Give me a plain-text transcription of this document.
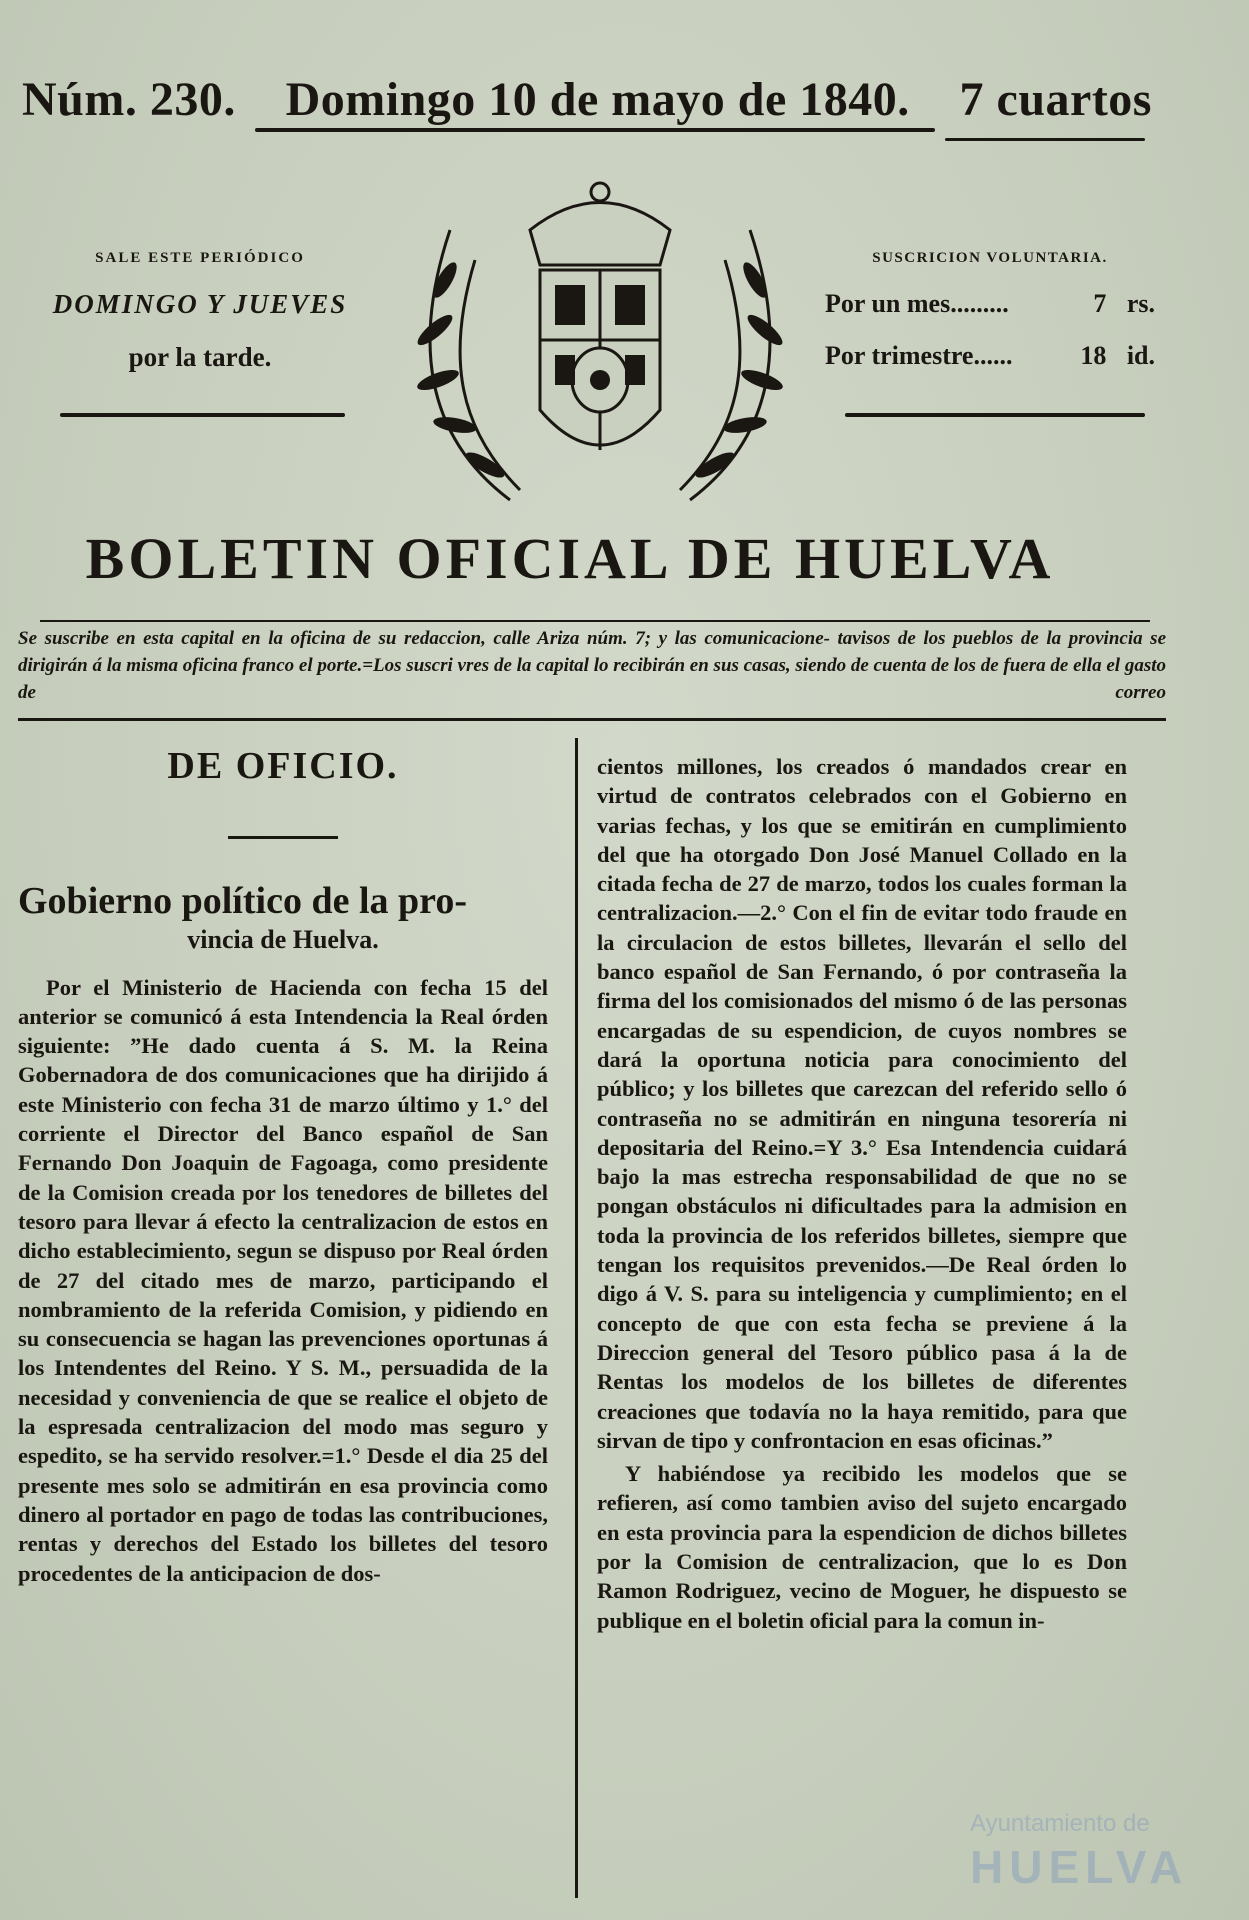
Núm. 230. Domingo 10 de mayo de 1840. 7 cuartos
SALE ESTE PERIÓDICO
DOMINGO Y JUEVES
por la tarde.
SUSCRICION VOLUNTARIA.
Por un mes.........	7 rs.
Por trimestre......	18 id.
BOLETIN OFICIAL DE HUELVA
Se suscribe en esta capital en la oficina de su redaccion, calle Ariza núm. 7; y las comunicacione- tavisos de los pueblos de la provincia se dirigirán á la misma oficina franco el porte.=Los suscri vres de la capital lo recibirán en sus casas, siendo de cuenta de los de fuera de ella el gasto de correo

DE OFICIO.

Gobierno político de la pro-

vincia de Huelva.

Por el Ministerio de Hacienda con fecha 15 del anterior se comunicó á esta Intendencia la Real órden siguiente: ”He dado cuenta á S. M. la Reina Gobernadora de dos comunicaciones que ha dirijido á este Ministerio con fecha 31 de marzo último y 1.° del corriente el Director del Banco español de San Fernando Don Joaquin de Fagoaga, como presidente de la Comision creada por los tenedores de billetes del tesoro para llevar á efecto la centralizacion de estos en dicho establecimiento, segun se dispuso por Real órden de 27 del citado mes de marzo, participando el nombramiento de la referida Comision, y pidiendo en su consecuencia se hagan las prevenciones oportunas á los Intendentes del Reino. Y S. M., persuadida de la necesidad y conveniencia de que se realice el objeto de la espresada centralizacion del modo mas seguro y espedito, se ha servido resolver.=1.° Desde el dia 25 del presente mes solo se admitirán en esa provincia como dinero al portador en pago de todas las contribuciones, rentas y derechos del Estado los billetes del tesoro procedentes de la anticipacion de dos-

cientos millones, los creados ó mandados crear en virtud de contratos celebrados con el Gobierno en varias fechas, y los que se emitirán en cumplimiento del que ha otorgado Don José Manuel Collado en la citada fecha de 27 de marzo, todos los cuales forman la centralizacion.—2.° Con el fin de evitar todo fraude en la circulacion de estos billetes, llevarán el sello del banco español de San Fernando, ó por contraseña la firma del los comisionados del mismo ó de las personas encargadas de su espendicion, de cuyos nombres se dará la oportuna noticia para conocimiento del público; y los billetes que carezcan del referido sello ó contraseña no se admitirán en ninguna tesorería ni depositaria del Reino.=Y 3.° Esa Intendencia cuidará bajo la mas estrecha responsabilidad de que no se pongan obstáculos ni dificultades para la admision en toda la provincia de los referidos billetes, siempre que tengan los requisitos prevenidos.—De Real órden lo digo á V. S. para su inteligencia y cumplimiento; en el concepto de que con esta fecha se previene á la Direccion general del Tesoro público pasa á la de Rentas los modelos de los billetes de diferentes creaciones que todavía no la haya remitido, para que sirvan de tipo y confrontacion en esas oficinas.”

Y habiéndose ya recibido les modelos que se refieren, así como tambien aviso del sujeto encargado en esta provincia para la espendicion de dichos billetes por la Comision de centralizacion, que lo es Don Ramon Rodriguez, vecino de Moguer, he dispuesto se publique en el boletin oficial para la comun in-

Ayuntamiento de
HUELVA
